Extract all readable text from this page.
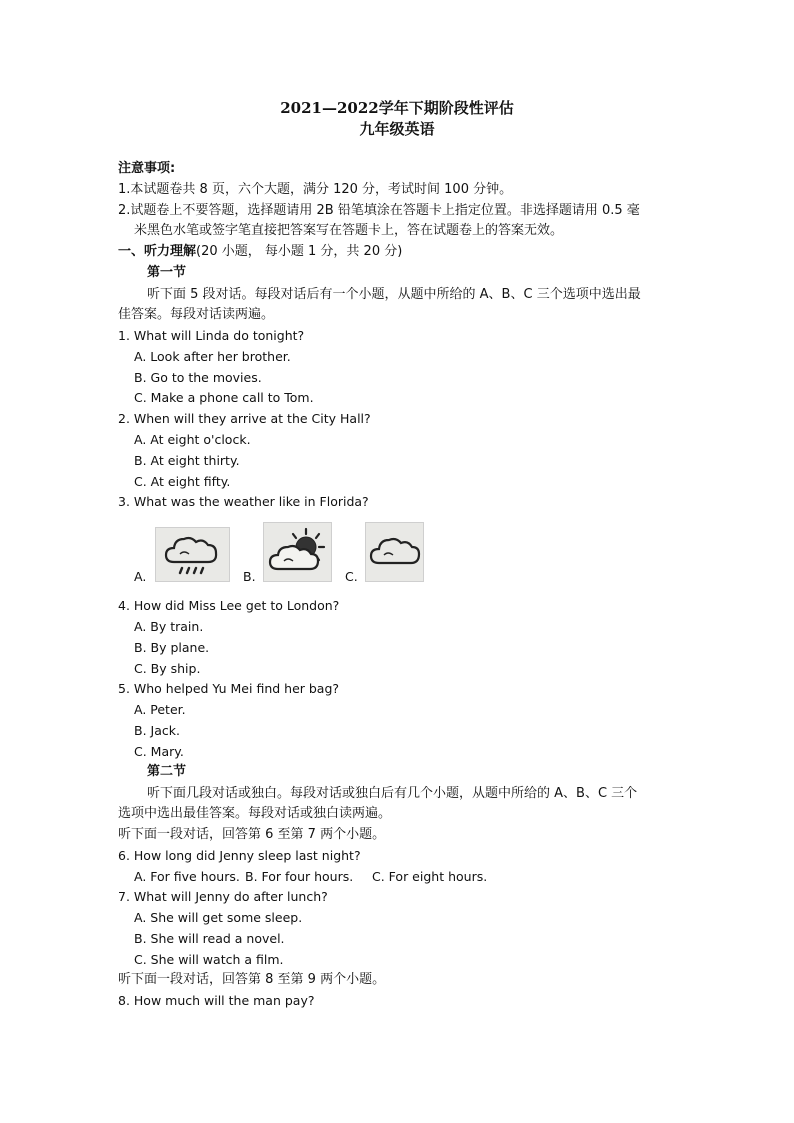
2021—2022学年下期阶段性评估
九年级英语
注意事项:
1.本试题卷共 8 页，六个大题，满分 120 分，考试时间 100 分钟。
2.试题卷上不要答题，选择题请用 2B 铅笔填涂在答题卡上指定位置。非选择题请用 0.5 毫
米黑色水笔或签字笔直接把答案写在答题卡上，答在试题卷上的答案无效。
一、听力理解(20 小题， 每小题 1 分，共 20 分)
第一节
听下面 5 段对话。每段对话后有一个小题，从题中所给的 A、B、C 三个选项中选出最
佳答案。每段对话读两遍。
1. What will Linda do tonight?
A. Look after her brother.
B. Go to the movies.
C. Make a phone call to Tom.
2. When will they arrive at the City Hall?
A. At eight o'clock.
B. At eight thirty.
C. At eight fifty.
3. What was the weather like in Florida?
A.	B.	C.
4. How did Miss Lee get to London?
A. By train.
B. By plane.
C. By ship.
5. Who helped Yu Mei find her bag?
A. Peter.
B. Jack.
C. Mary.
第二节
听下面几段对话或独白。每段对话或独白后有几个小题，从题中所给的 A、B、C 三个
选项中选出最佳答案。每段对话或独白读两遍。
听下面一段对话，回答第 6 至第 7 两个小题。
6. How long did Jenny sleep last night?
A. For five hours. B. For four hours. C. For eight hours.
7. What will Jenny do after lunch?
A. She will get some sleep.
B. She will read a novel.
C. She will watch a film.
听下面一段对话，回答第 8 至第 9 两个小题。
8. How much will the man pay?
